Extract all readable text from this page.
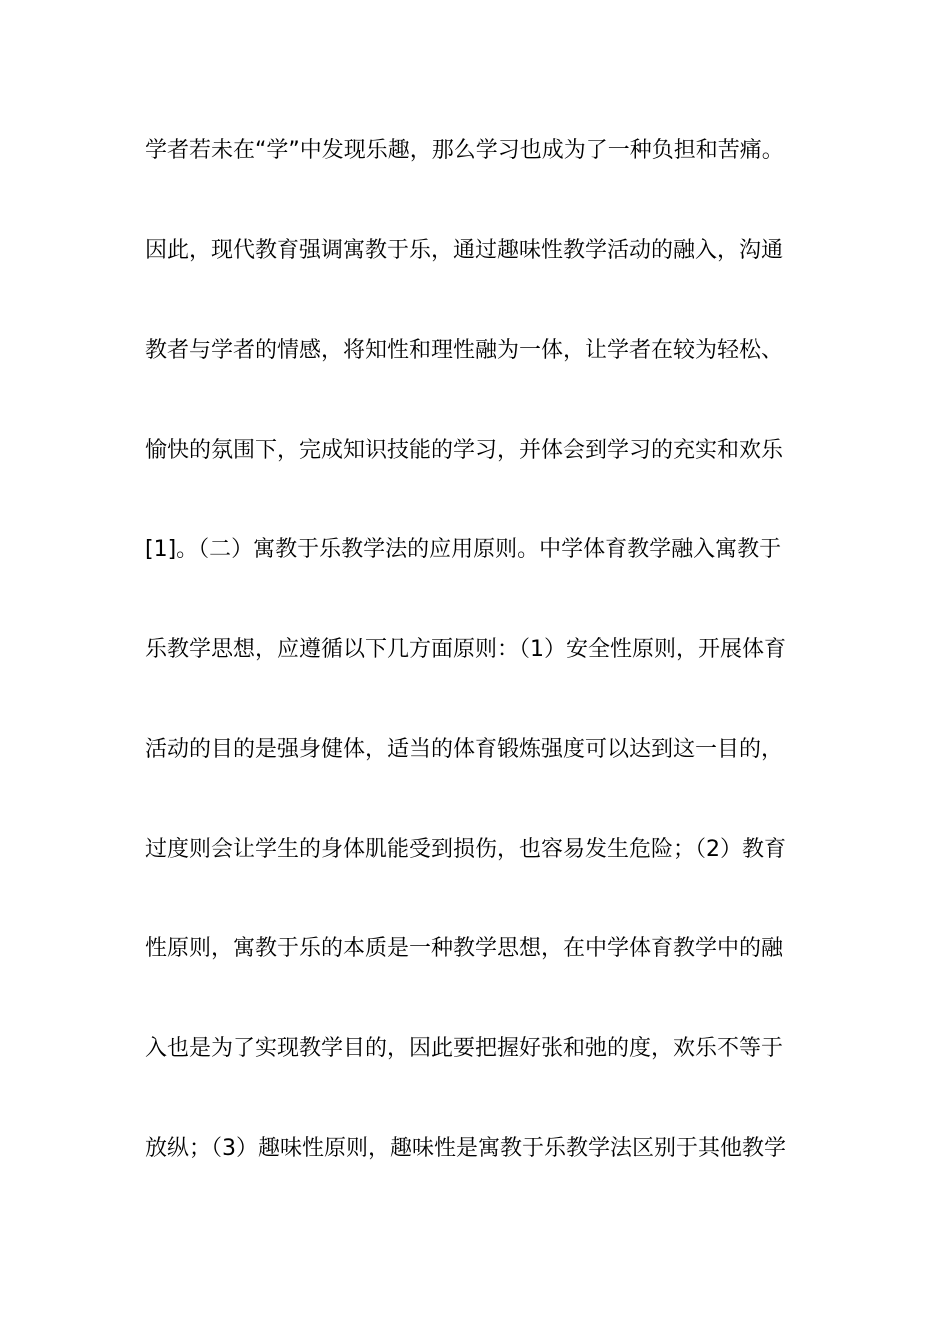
学者若未在“学”中发现乐趣，那么学习也成为了一种负担和苦痛。
因此，现代教育强调寓教于乐，通过趣味性教学活动的融入，沟通
教者与学者的情感，将知性和理性融为一体，让学者在较为轻松、
愉快的氛围下，完成知识技能的学习，并体会到学习的充实和欢乐
[1]。（二）寓教于乐教学法的应用原则。中学体育教学融入寓教于
乐教学思想，应遵循以下几方面原则：（1）安全性原则，开展体育
活动的目的是强身健体，适当的体育锻炼强度可以达到这一目的，
过度则会让学生的身体肌能受到损伤，也容易发生危险；（2）教育
性原则，寓教于乐的本质是一种教学思想，在中学体育教学中的融
入也是为了实现教学目的，因此要把握好张和弛的度，欢乐不等于
放纵；（3）趣味性原则，趣味性是寓教于乐教学法区别于其他教学
